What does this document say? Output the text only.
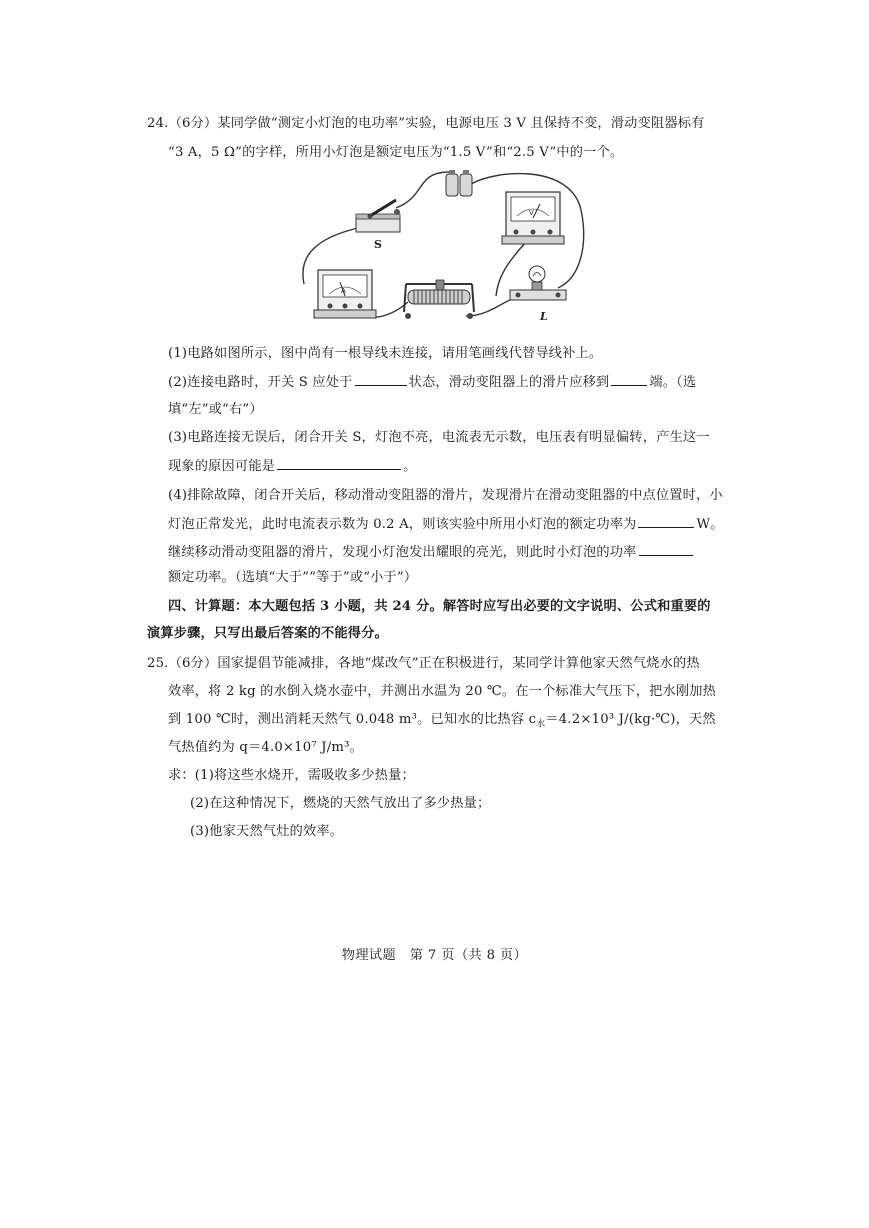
24.（6分）某同学做“测定小灯泡的电功率”实验，电源电压 3 V 且保持不变，滑动变阻器标有
“3 A，5 Ω”的字样，所用小灯泡是额定电压为“1.5 V”和“2.5 V”中的一个。
S
V
A
L
(1)电路如图所示，图中尚有一根导线未连接，请用笔画线代替导线补上。
(2)连接电路时，开关 S 应处于	状态，滑动变阻器上的滑片应移到	端。（选
填“左”或“右”）
(3)电路连接无误后，闭合开关 S，灯泡不亮，电流表无示数，电压表有明显偏转，产生这一
现象的原因可能是	。
(4)排除故障，闭合开关后，移动滑动变阻器的滑片，发现滑片在滑动变阻器的中点位置时，小
灯泡正常发光，此时电流表示数为 0.2 A，则该实验中所用小灯泡的额定功率为	W。
继续移动滑动变阻器的滑片，发现小灯泡发出耀眼的亮光，则此时小灯泡的功率
额定功率。（选填“大于”“等于”或“小于”）
四、计算题：本大题包括 3 小题，共 24 分。解答时应写出必要的文字说明、公式和重要的
演算步骤，只写出最后答案的不能得分。
25.（6分）国家提倡节能减排，各地“煤改气”正在积极进行，某同学计算他家天然气烧水的热
效率，将 2 kg 的水倒入烧水壶中，并测出水温为 20 ℃。在一个标准大气压下，把水刚加热
到 100 ℃时，测出消耗天然气 0.048 m³。已知水的比热容 $c_水=4.2\times 10^3$ J/(kg·℃)，天然
气热值约为 q＝4.0×10⁷ J/m³。
求：(1)将这些水烧开，需吸收多少热量；
(2)在这种情况下，燃烧的天然气放出了多少热量；
(3)他家天然气灶的效率。
物理试题　第 7 页（共 8 页）
